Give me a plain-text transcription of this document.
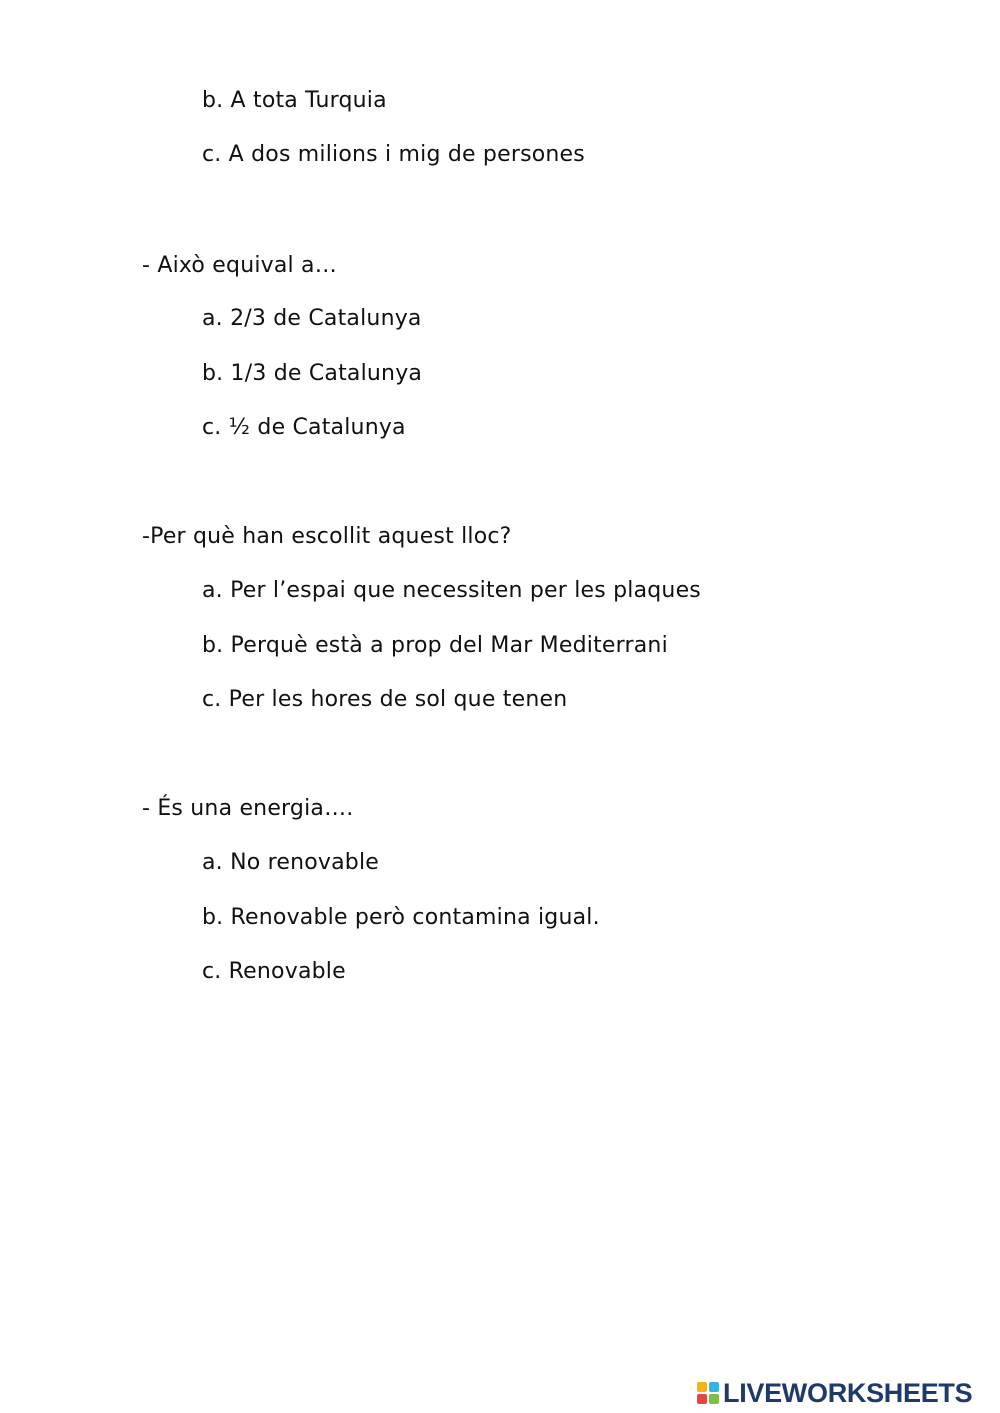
b. A tota Turquia
c. A dos milions i mig de persones
- Això equival a…
a. 2/3 de Catalunya
b. 1/3 de Catalunya
c. ½ de Catalunya
-Per què han escollit aquest lloc?
a. Per l’espai que necessiten per les plaques
b. Perquè està a prop del Mar Mediterrani
c. Per les hores de sol que tenen
- És una energia….
a. No renovable
b. Renovable però contamina igual.
c. Renovable
LIVEWORKSHEETS
